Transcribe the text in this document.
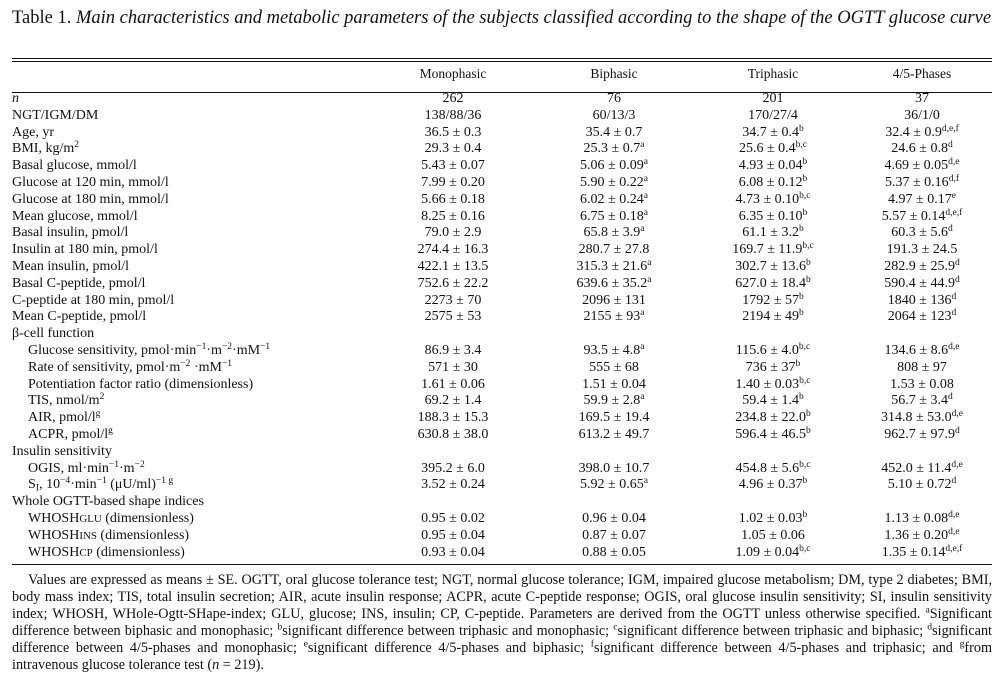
Table 1. Main characteristics and metabolic parameters of the subjects classified according to the shape of the OGTT glucose curve
	Monophasic	Biphasic	Triphasic	4/5-Phases
n	262	76	201	37
NGT/IGM/DM	138/88/36	60/13/3	170/27/4	36/1/0
Age, yr	36.5 ± 0.3	35.4 ± 0.7	34.7 ± 0.4$^b$	$32.4 \pm 0.9^{d,e,f}$
BMI, $kg/m^2$	29.3 ± 0.4	25.3 ± 0.7$^a$	$25.6 \pm 0.4^{b,c}$	24.6 ± 0.8$^d$
Basal glucose, mmol/l	5.43 ± 0.07	5.06 ± 0.09$^a$	4.93 ± 0.04$^b$	$4.69 \pm 0.05^{d,e}$
Glucose at 120 min, mmol/l	7.99 ± 0.20	5.90 ± 0.22$^a$	6.08 ± 0.12$^b$	$5.37 \pm 0.16^{d,f}$
Glucose at 180 min, mmol/l	5.66 ± 0.18	6.02 ± 0.24$^a$	$4.73 \pm 0.10^{b,c}$	4.97 ± 0.17$^e$
Mean glucose, mmol/l	8.25 ± 0.16	6.75 ± 0.18$^a$	6.35 ± 0.10$^b$	$5.57 \pm 0.14^{d,e,f}$
Basal insulin, pmol/l	79.0 ± 2.9	65.8 ± 3.9$^a$	61.1 ± 3.2$^b$	60.3 ± 5.6$^d$
Insulin at 180 min, pmol/l	274.4 ± 16.3	280.7 ± 27.8	$169.7 \pm 11.9^{b,c}$	191.3 ± 24.5
Mean insulin, pmol/l	422.1 ± 13.5	315.3 ± 21.6$^a$	302.7 ± 13.6$^b$	282.9 ± 25.9$^d$
Basal C-peptide, pmol/l	752.6 ± 22.2	639.6 ± 35.2$^a$	627.0 ± 18.4$^b$	590.4 ± 44.9$^d$
C-peptide at 180 min, pmol/l	2273 ± 70	2096 ± 131	$1792 \pm 57^b$	$1840 \pm 136^d$
Mean C-peptide, pmol/l	2575 ± 53	$2155 \pm 93^a$	$2194 \pm 49^b$	$2064 \pm 123^d$
β-cell function				
Glucose sensitivity, $pmol\cdot\min^{-1}\cdot m^{-2}\cdot mM^{-1}$	86.9 ± 3.4	93.5 ± 4.8$^a$	$115.6 \pm 4.0^{b,c}$	$134.6 \pm 8.6^{d,e}$
Rate of sensitivity, $pmol\cdot m^{-2} \cdot mM^{-1}$	571 ± 30	555 ± 68	$736 \pm 37^b$	808 ± 97
Potentiation factor ratio (dimensionless)	1.61 ± 0.06	1.51 ± 0.04	$1.40 \pm 0.03^{b,c}$	1.53 ± 0.08
TIS, nmol/$m^2$	69.2 ± 1.4	59.9 ± 2.8$^a$	59.4 ± 1.4$^b$	56.7 ± 3.4$^d$
AIR, pmol/$l^g$	188.3 ± 15.3	169.5 ± 19.4	234.8 ± 22.0$^b$	$314.8 \pm 53.0^{d,e}$
ACPR, pmol/$l^g$	630.8 ± 38.0	613.2 ± 49.7	596.4 ± 46.5$^b$	962.7 ± 97.9$^d$
Insulin sensitivity				
OGIS, $ml\cdot\min^{-1}\cdot m^{-2}$	395.2 ± 6.0	398.0 ± 10.7	$454.8 \pm 5.6^{b,c}$	$452.0 \pm 11.4^{d,e}$
$S_I$, $10^{-4}\cdot\min^{-1}$ $(\mu U/ml)^{-1 g}$	3.52 ± 0.24	5.92 ± 0.65$^a$	4.96 ± 0.37$^b$	5.10 ± 0.72$^d$
Whole OGTT-based shape indices				
WHOSHGLU (dimensionless)	0.95 ± 0.02	0.96 ± 0.04	1.02 ± 0.03$^b$	$1.13 \pm 0.08^{d,e}$
WHOSHINS (dimensionless)	0.95 ± 0.04	0.87 ± 0.07	1.05 ± 0.06	$1.36 \pm 0.20^{d,e}$
WHOSHCP (dimensionless)	0.93 ± 0.04	0.88 ± 0.05	$1.09 \pm 0.04^{b,c}$	$1.35 \pm 0.14^{d,e,f}$
Values are expressed as means ± SE. OGTT, oral glucose tolerance test; NGT, normal glucose tolerance; IGM, impaired glucose metabolism; DM, type 2 diabetes; BMI, body mass index; TIS, total insulin secretion; AIR, acute insulin response; ACPR, acute C-peptide response; OGIS, oral glucose insulin sensitivity; SI, insulin sensitivity index; WHOSH, WHole-Ogtt-SHape-index; GLU, glucose; INS, insulin; CP, C-peptide. Parameters are derived from the OGTT unless otherwise specified. $^a$Significant difference between biphasic and monophasic; $^b$significant difference between triphasic and monophasic; $^c$significant difference between triphasic and biphasic; $^d$significant difference between 4/5-phases and monophasic; $^e$significant difference 4/5-phases and biphasic; $^f$significant difference between 4/5-phases and triphasic; and $^g$from intravenous glucose tolerance test (n = 219).
